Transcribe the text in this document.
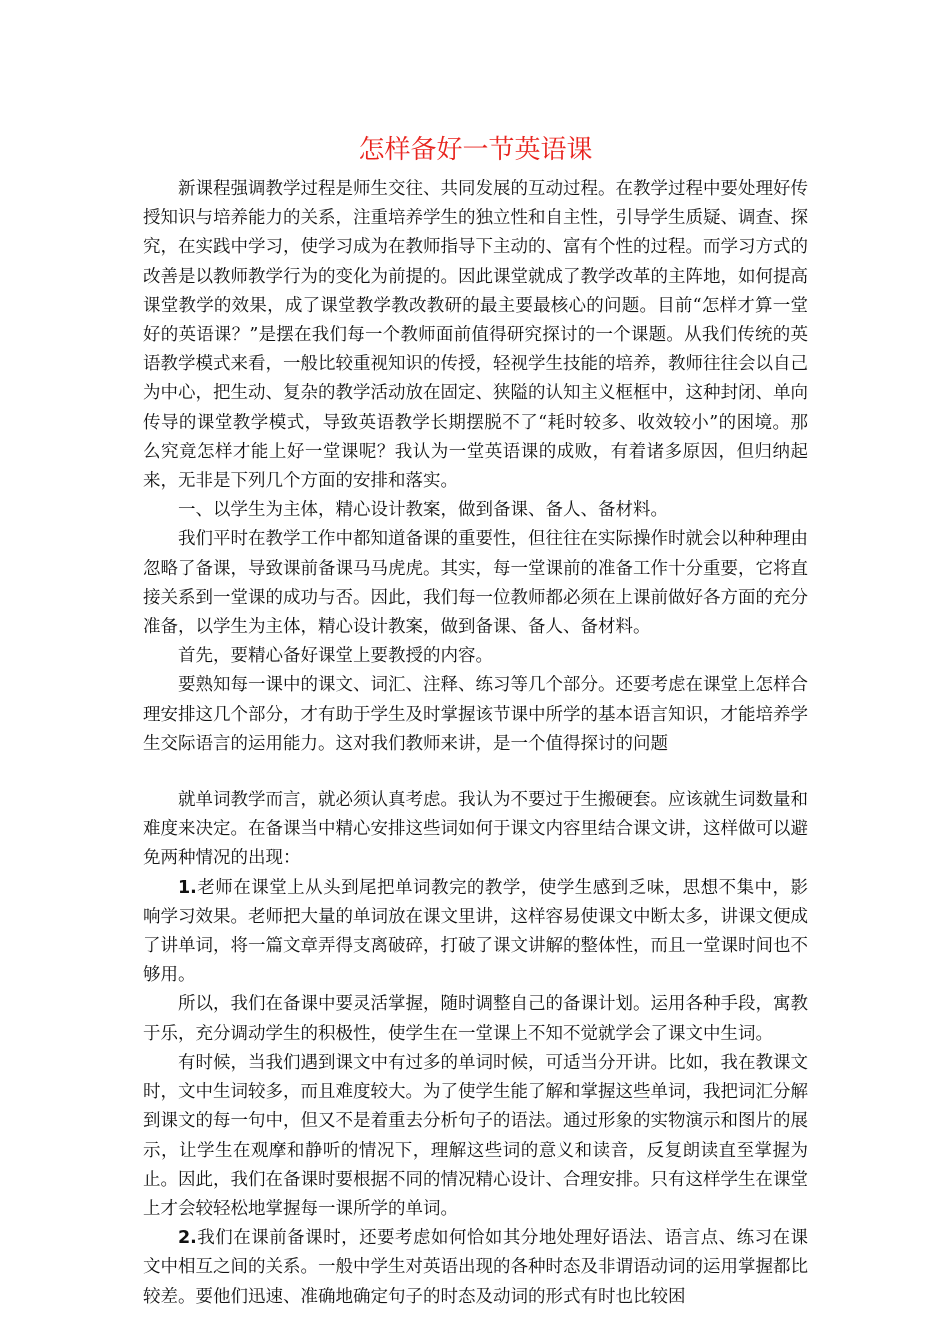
怎样备好一节英语课

新课程强调教学过程是师生交往、共同发展的互动过程。在教学过程中要处理好传授知识与培养能力的关系，注重培养学生的独立性和自主性，引导学生质疑、调查、探究，在实践中学习，使学习成为在教师指导下主动的、富有个性的过程。而学习方式的改善是以教师教学行为的变化为前提的。因此课堂就成了教学改革的主阵地，如何提高课堂教学的效果，成了课堂教学教改教研的最主要最核心的问题。目前“怎样才算一堂好的英语课？”是摆在我们每一个教师面前值得研究探讨的一个课题。从我们传统的英语教学模式来看，一般比较重视知识的传授，轻视学生技能的培养，教师往往会以自己为中心，把生动、复杂的教学活动放在固定、狭隘的认知主义框框中，这种封闭、单向传导的课堂教学模式，导致英语教学长期摆脱不了“耗时较多、收效较小”的困境。那么究竟怎样才能上好一堂课呢？我认为一堂英语课的成败，有着诸多原因，但归纳起来，无非是下列几个方面的安排和落实。

一、以学生为主体，精心设计教案，做到备课、备人、备材料。

我们平时在教学工作中都知道备课的重要性，但往往在实际操作时就会以种种理由忽略了备课，导致课前备课马马虎虎。其实，每一堂课前的准备工作十分重要，它将直接关系到一堂课的成功与否。因此，我们每一位教师都必须在上课前做好各方面的充分准备，以学生为主体，精心设计教案，做到备课、备人、备材料。

首先，要精心备好课堂上要教授的内容。

要熟知每一课中的课文、词汇、注释、练习等几个部分。还要考虑在课堂上怎样合理安排这几个部分，才有助于学生及时掌握该节课中所学的基本语言知识，才能培养学生交际语言的运用能力。这对我们教师来讲，是一个值得探讨的问题

就单词教学而言，就必须认真考虑。我认为不要过于生搬硬套。应该就生词数量和难度来决定。在备课当中精心安排这些词如何于课文内容里结合课文讲，这样做可以避免两种情况的出现：

1.老师在课堂上从头到尾把单词教完的教学，使学生感到乏味，思想不集中，影响学习效果。老师把大量的单词放在课文里讲，这样容易使课文中断太多，讲课文便成了讲单词，将一篇文章弄得支离破碎，打破了课文讲解的整体性，而且一堂课时间也不够用。

所以，我们在备课中要灵活掌握，随时调整自己的备课计划。运用各种手段，寓教于乐，充分调动学生的积极性，使学生在一堂课上不知不觉就学会了课文中生词。

有时候，当我们遇到课文中有过多的单词时候，可适当分开讲。比如，我在教课文时，文中生词较多，而且难度较大。为了使学生能了解和掌握这些单词，我把词汇分解到课文的每一句中，但又不是着重去分析句子的语法。通过形象的实物演示和图片的展示，让学生在观摩和静听的情况下，理解这些词的意义和读音，反复朗读直至掌握为止。因此，我们在备课时要根据不同的情况精心设计、合理安排。只有这样学生在课堂上才会较轻松地掌握每一课所学的单词。

2.我们在课前备课时，还要考虑如何恰如其分地处理好语法、语言点、练习在课文中相互之间的关系。一般中学生对英语出现的各种时态及非谓语动词的运用掌握都比较差。要他们迅速、准确地确定句子的时态及动词的形式有时也比较困
